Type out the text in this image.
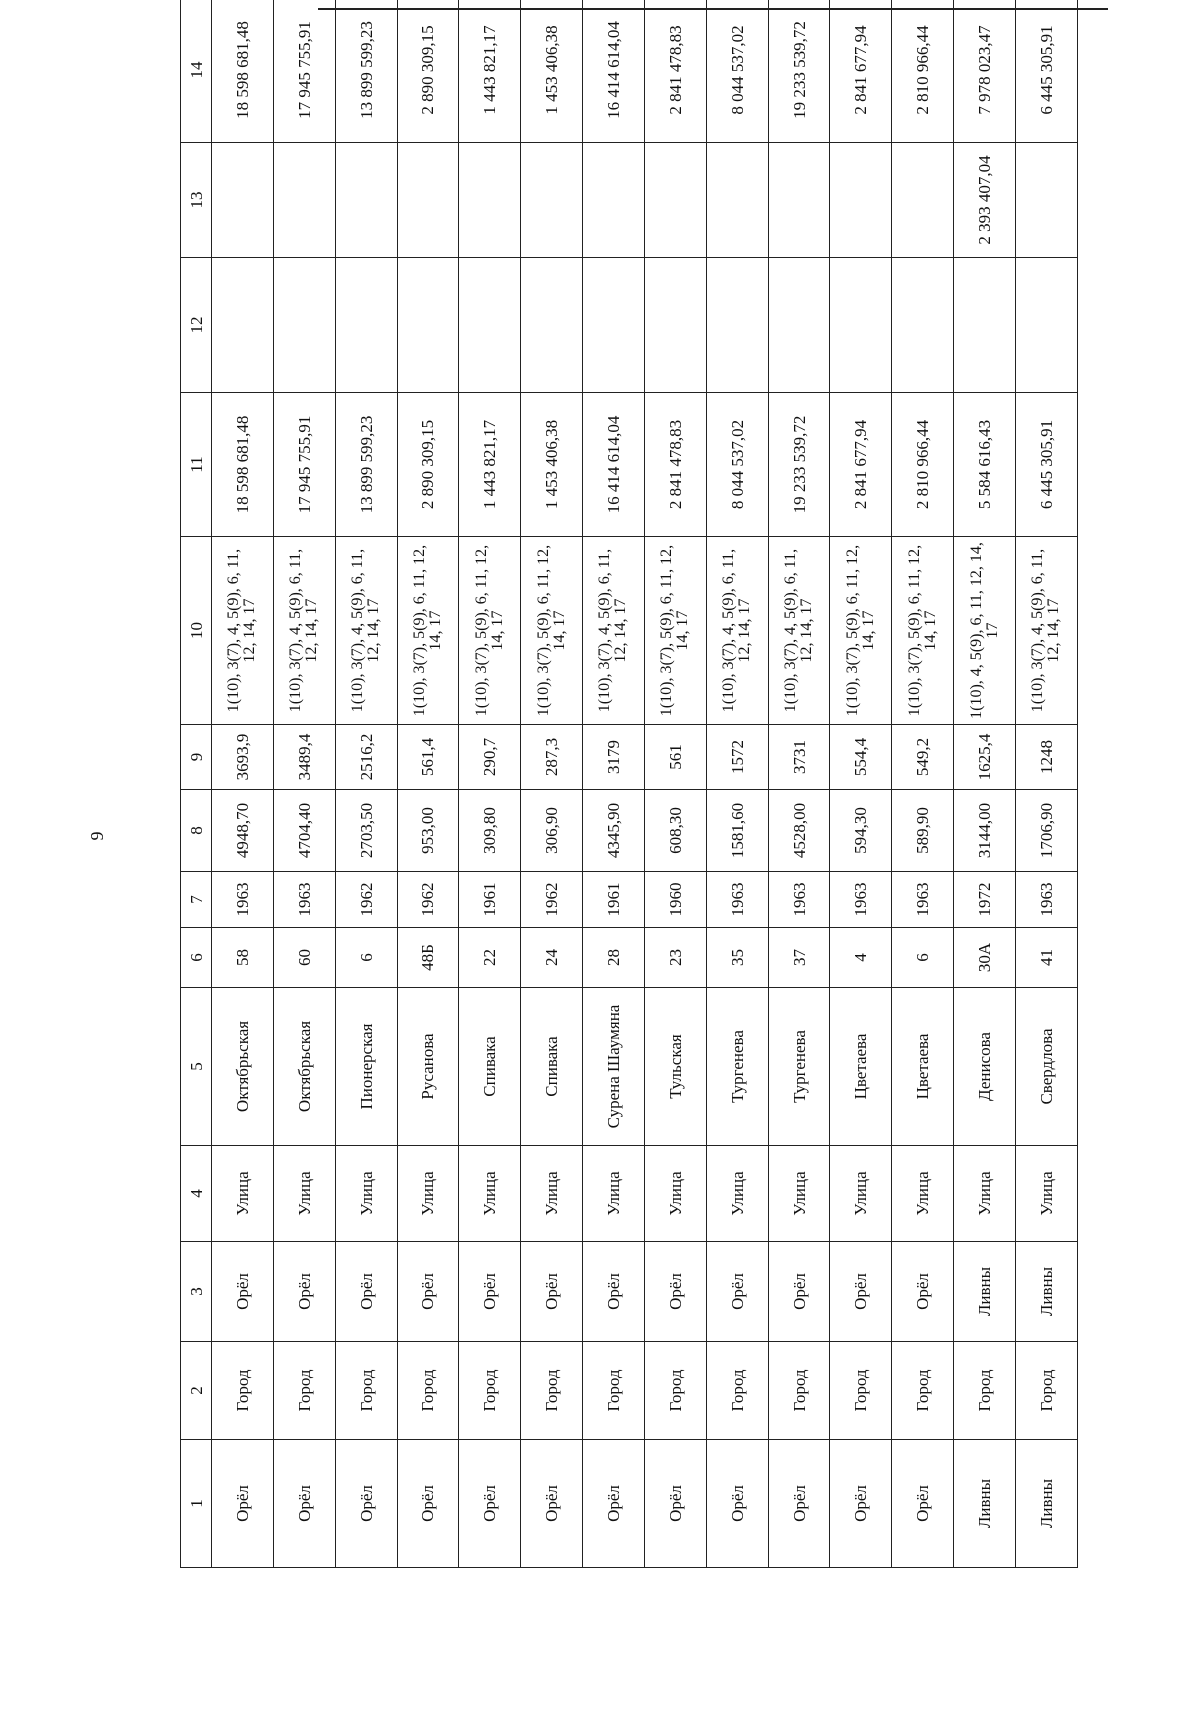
9
1	2	3	4	5	6	7	8	9	10	11	12	13	14	
Орёл	Город	Орёл	Улица	Октябрьская	58	1963	4948,70	3693,9	1(10), 3(7), 4, 5(9), 6, 11, 12, 14, 17	18 598 681,48			18 598 681,48	
Орёл	Город	Орёл	Улица	Октябрьская	60	1963	4704,40	3489,4	1(10), 3(7), 4, 5(9), 6, 11, 12, 14, 17	17 945 755,91			17 945 755,91	
Орёл	Город	Орёл	Улица	Пионерская	6	1962	2703,50	2516,2	1(10), 3(7), 4, 5(9), 6, 11, 12, 14, 17	13 899 599,23			13 899 599,23	
Орёл	Город	Орёл	Улица	Русанова	48Б	1962	953,00	561,4	1(10), 3(7), 5(9), 6, 11, 12, 14, 17	2 890 309,15			2 890 309,15	
Орёл	Город	Орёл	Улица	Спивака	22	1961	309,80	290,7	1(10), 3(7), 5(9), 6, 11, 12, 14, 17	1 443 821,17			1 443 821,17	
Орёл	Город	Орёл	Улица	Спивака	24	1962	306,90	287,3	1(10), 3(7), 5(9), 6, 11, 12, 14, 17	1 453 406,38			1 453 406,38	
Орёл	Город	Орёл	Улица	Сурена Шаумяна	28	1961	4345,90	3179	1(10), 3(7), 4, 5(9), 6, 11, 12, 14, 17	16 414 614,04			16 414 614,04	
Орёл	Город	Орёл	Улица	Тульская	23	1960	608,30	561	1(10), 3(7), 5(9), 6, 11, 12, 14, 17	2 841 478,83			2 841 478,83	
Орёл	Город	Орёл	Улица	Тургенева	35	1963	1581,60	1572	1(10), 3(7), 4, 5(9), 6, 11, 12, 14, 17	8 044 537,02			8 044 537,02	
Орёл	Город	Орёл	Улица	Тургенева	37	1963	4528,00	3731	1(10), 3(7), 4, 5(9), 6, 11, 12, 14, 17	19 233 539,72			19 233 539,72	
Орёл	Город	Орёл	Улица	Цветаева	4	1963	594,30	554,4	1(10), 3(7), 5(9), 6, 11, 12, 14, 17	2 841 677,94			2 841 677,94	
Орёл	Город	Орёл	Улица	Цветаева	6	1963	589,90	549,2	1(10), 3(7), 5(9), 6, 11, 12, 14, 17	2 810 966,44			2 810 966,44	
Ливны	Город	Ливны	Улица	Денисова	30А	1972	3144,00	1625,4	1(10), 4, 5(9), 6, 11, 12, 14, 17	5 584 616,43		2 393 407,04	7 978 023,47	
Ливны	Город	Ливны	Улица	Свердлова	41	1963	1706,90	1248	1(10), 3(7), 4, 5(9), 6, 11, 12, 14, 17	6 445 305,91			6 445 305,91	
